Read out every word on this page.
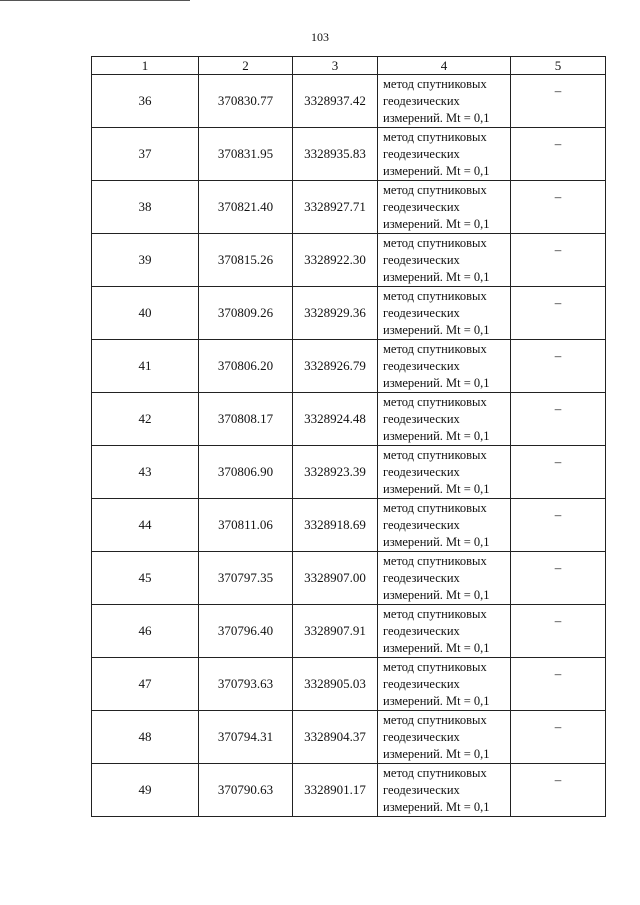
103
1	2	3	4	5
36	370830.77	3328937.42	метод спутниковых
геодезических
измерений. Mt = 0,1	–
37	370831.95	3328935.83	метод спутниковых
геодезических
измерений. Mt = 0,1	–
38	370821.40	3328927.71	метод спутниковых
геодезических
измерений. Mt = 0,1	–
39	370815.26	3328922.30	метод спутниковых
геодезических
измерений. Mt = 0,1	–
40	370809.26	3328929.36	метод спутниковых
геодезических
измерений. Mt = 0,1	–
41	370806.20	3328926.79	метод спутниковых
геодезических
измерений. Mt = 0,1	–
42	370808.17	3328924.48	метод спутниковых
геодезических
измерений. Mt = 0,1	–
43	370806.90	3328923.39	метод спутниковых
геодезических
измерений. Mt = 0,1	–
44	370811.06	3328918.69	метод спутниковых
геодезических
измерений. Mt = 0,1	–
45	370797.35	3328907.00	метод спутниковых
геодезических
измерений. Mt = 0,1	–
46	370796.40	3328907.91	метод спутниковых
геодезических
измерений. Mt = 0,1	–
47	370793.63	3328905.03	метод спутниковых
геодезических
измерений. Mt = 0,1	–
48	370794.31	3328904.37	метод спутниковых
геодезических
измерений. Mt = 0,1	–
49	370790.63	3328901.17	метод спутниковых
геодезических
измерений. Mt = 0,1	–
